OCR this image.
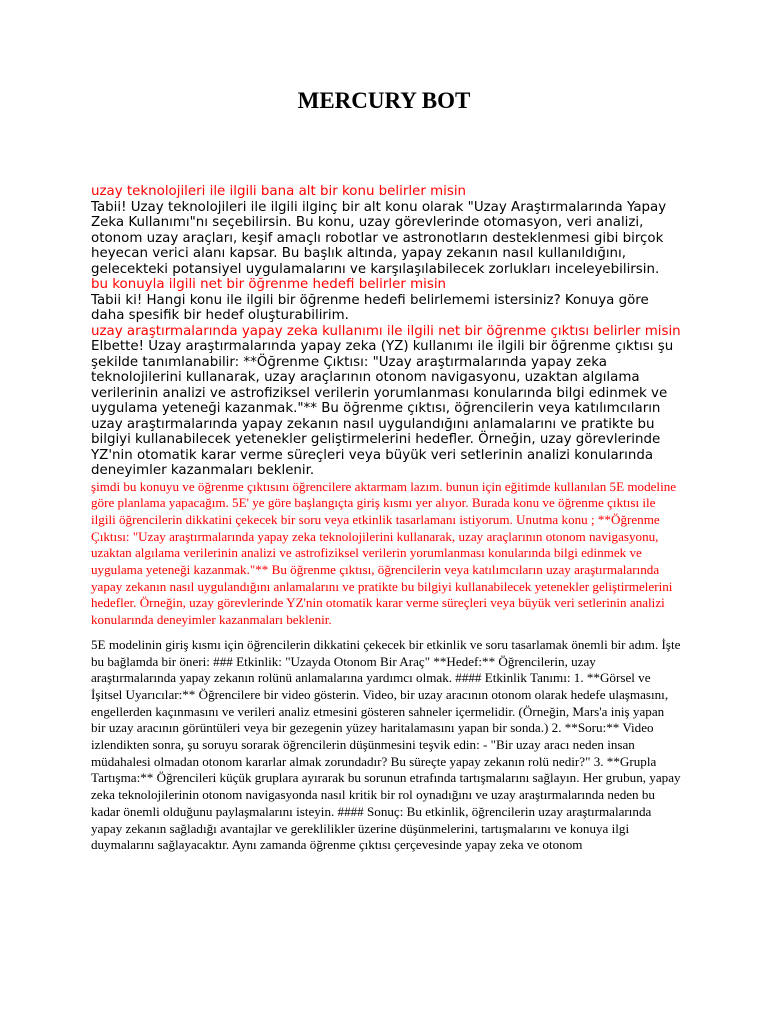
MERCURY BOT

uzay teknolojileri ile ilgili bana alt bir konu belirler misin

Tabii! Uzay teknolojileri ile ilgili ilginç bir alt konu olarak "Uzay Araştırmalarında Yapay Zeka Kullanımı"nı seçebilirsin. Bu konu, uzay görevlerinde otomasyon, veri analizi, otonom uzay araçları, keşif amaçlı robotlar ve astronotların desteklenmesi gibi birçok heyecan verici alanı kapsar. Bu başlık altında, yapay zekanın nasıl kullanıldığını, gelecekteki potansiyel uygulamalarını ve karşılaşılabilecek zorlukları inceleyebilirsin.

bu konuyla ilgili net bir öğrenme hedefi belirler misin

Tabii ki! Hangi konu ile ilgili bir öğrenme hedefi belirlememi istersiniz? Konuya göre daha spesifik bir hedef oluşturabilirim.

uzay araştırmalarında yapay zeka kullanımı ile ilgili net bir öğrenme çıktısı belirler misin

Elbette! Uzay araştırmalarında yapay zeka (YZ) kullanımı ile ilgili bir öğrenme çıktısı şu şekilde tanımlanabilir: **Öğrenme Çıktısı: "Uzay araştırmalarında yapay zeka teknolojilerini kullanarak, uzay araçlarının otonom navigasyonu, uzaktan algılama verilerinin analizi ve astrofiziksel verilerin yorumlanması konularında bilgi edinmek ve uygulama yeteneği kazanmak."** Bu öğrenme çıktısı, öğrencilerin veya katılımcıların uzay araştırmalarında yapay zekanın nasıl uygulandığını anlamalarını ve pratikte bu bilgiyi kullanabilecek yetenekler geliştirmelerini hedefler. Örneğin, uzay görevlerinde YZ'nin otomatik karar verme süreçleri veya büyük veri setlerinin analizi konularında deneyimler kazanmaları beklenir.

şimdi bu konuyu ve öğrenme çıktısını öğrencilere aktarmam lazım. bunun için eğitimde kullanılan 5E modeline göre planlama yapacağım. 5E' ye göre başlangıçta giriş kısmı yer alıyor. Burada konu ve öğrenme çıktısı ile ilgili öğrencilerin dikkatini çekecek bir soru veya etkinlik tasarlamanı istiyorum. Unutma konu ; **Öğrenme Çıktısı: "Uzay araştırmalarında yapay zeka teknolojilerini kullanarak, uzay araçlarının otonom navigasyonu, uzaktan algılama verilerinin analizi ve astrofiziksel verilerin yorumlanması konularında bilgi edinmek ve uygulama yeteneği kazanmak."** Bu öğrenme çıktısı, öğrencilerin veya katılımcıların uzay araştırmalarında yapay zekanın nasıl uygulandığını anlamalarını ve pratikte bu bilgiyi kullanabilecek yetenekler geliştirmelerini hedefler. Örneğin, uzay görevlerinde YZ'nin otomatik karar verme süreçleri veya büyük veri setlerinin analizi konularında deneyimler kazanmaları beklenir.

5E modelinin giriş kısmı için öğrencilerin dikkatini çekecek bir etkinlik ve soru tasarlamak önemli bir adım. İşte bu bağlamda bir öneri: ### Etkinlik: "Uzayda Otonom Bir Araç" **Hedef:** Öğrencilerin, uzay araştırmalarında yapay zekanın rolünü anlamalarına yardımcı olmak. #### Etkinlik Tanımı: 1. **Görsel ve İşitsel Uyarıcılar:** Öğrencilere bir video gösterin. Video, bir uzay aracının otonom olarak hedefe ulaşmasını, engellerden kaçınmasını ve verileri analiz etmesini gösteren sahneler içermelidir. (Örneğin, Mars'a iniş yapan bir uzay aracının görüntüleri veya bir gezegenin yüzey haritalamasını yapan bir sonda.) 2. **Soru:** Video izlendikten sonra, şu soruyu sorarak öğrencilerin düşünmesini teşvik edin: - "Bir uzay aracı neden insan müdahalesi olmadan otonom kararlar almak zorundadır? Bu süreçte yapay zekanın rolü nedir?" 3. **Grupla Tartışma:** Öğrencileri küçük gruplara ayırarak bu sorunun etrafında tartışmalarını sağlayın. Her grubun, yapay zeka teknolojilerinin otonom navigasyonda nasıl kritik bir rol oynadığını ve uzay araştırmalarında neden bu kadar önemli olduğunu paylaşmalarını isteyin. #### Sonuç: Bu etkinlik, öğrencilerin uzay araştırmalarında yapay zekanın sağladığı avantajlar ve gereklilikler üzerine düşünmelerini, tartışmalarını ve konuya ilgi duymalarını sağlayacaktır. Aynı zamanda öğrenme çıktısı çerçevesinde yapay zeka ve otonom
